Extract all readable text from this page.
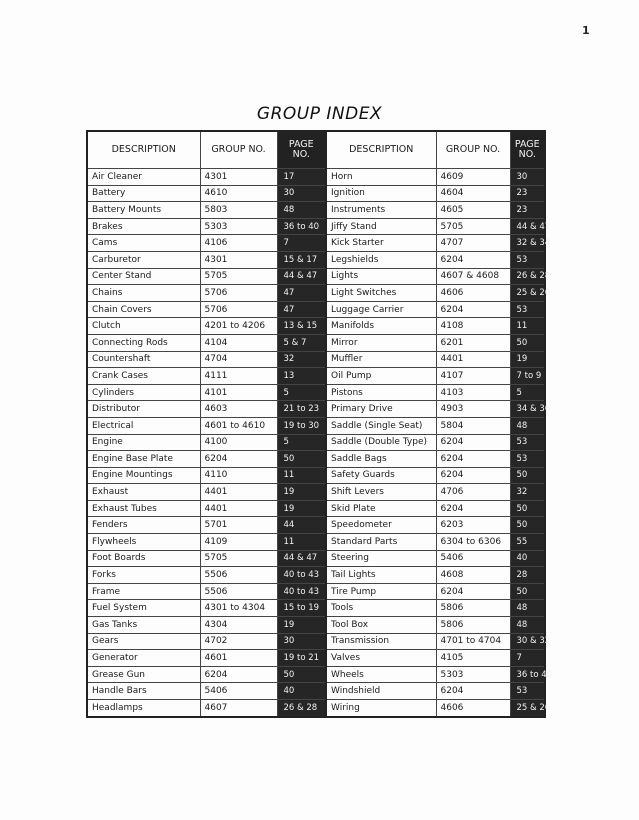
1
GROUP INDEX
DESCRIPTION	GROUP NO.	PAGE NO.	DESCRIPTION	GROUP NO.	PAGE NO.
Air Cleaner	4301	17	Horn	4609	30
Battery	4610	30	Ignition	4604	23
Battery Mounts	5803	48	Instruments	4605	23
Brakes	5303	36 to 40	Jiffy Stand	5705	44 & 47
Cams	4106	7	Kick Starter	4707	32 & 34
Carburetor	4301	15 & 17	Legshields	6204	53
Center Stand	5705	44 & 47	Lights	4607 & 4608	26 & 28
Chains	5706	47	Light Switches	4606	25 & 26
Chain Covers	5706	47	Luggage Carrier	6204	53
Clutch	4201 to 4206	13 & 15	Manifolds	4108	11
Connecting Rods	4104	5 & 7	Mirror	6201	50
Countershaft	4704	32	Muffler	4401	19
Crank Cases	4111	13	Oil Pump	4107	7 to 9
Cylinders	4101	5	Pistons	4103	5
Distributor	4603	21 to 23	Primary Drive	4903	34 & 36
Electrical	4601 to 4610	19 to 30	Saddle (Single Seat)	5804	48
Engine	4100	5	Saddle (Double Type)	6204	53
Engine Base Plate	6204	50	Saddle Bags	6204	53
Engine Mountings	4110	11	Safety Guards	6204	50
Exhaust	4401	19	Shift Levers	4706	32
Exhaust Tubes	4401	19	Skid Plate	6204	50
Fenders	5701	44	Speedometer	6203	50
Flywheels	4109	11	Standard Parts	6304 to 6306	55
Foot Boards	5705	44 & 47	Steering	5406	40
Forks	5506	40 to 43	Tail Lights	4608	28
Frame	5506	40 to 43	Tire Pump	6204	50
Fuel System	4301 to 4304	15 to 19	Tools	5806	48
Gas Tanks	4304	19	Tool Box	5806	48
Gears	4702	30	Transmission	4701 to 4704	30 & 32
Generator	4601	19 to 21	Valves	4105	7
Grease Gun	6204	50	Wheels	5303	36 to 40
Handle Bars	5406	40	Windshield	6204	53
Headlamps	4607	26 & 28	Wiring	4606	25 & 26
